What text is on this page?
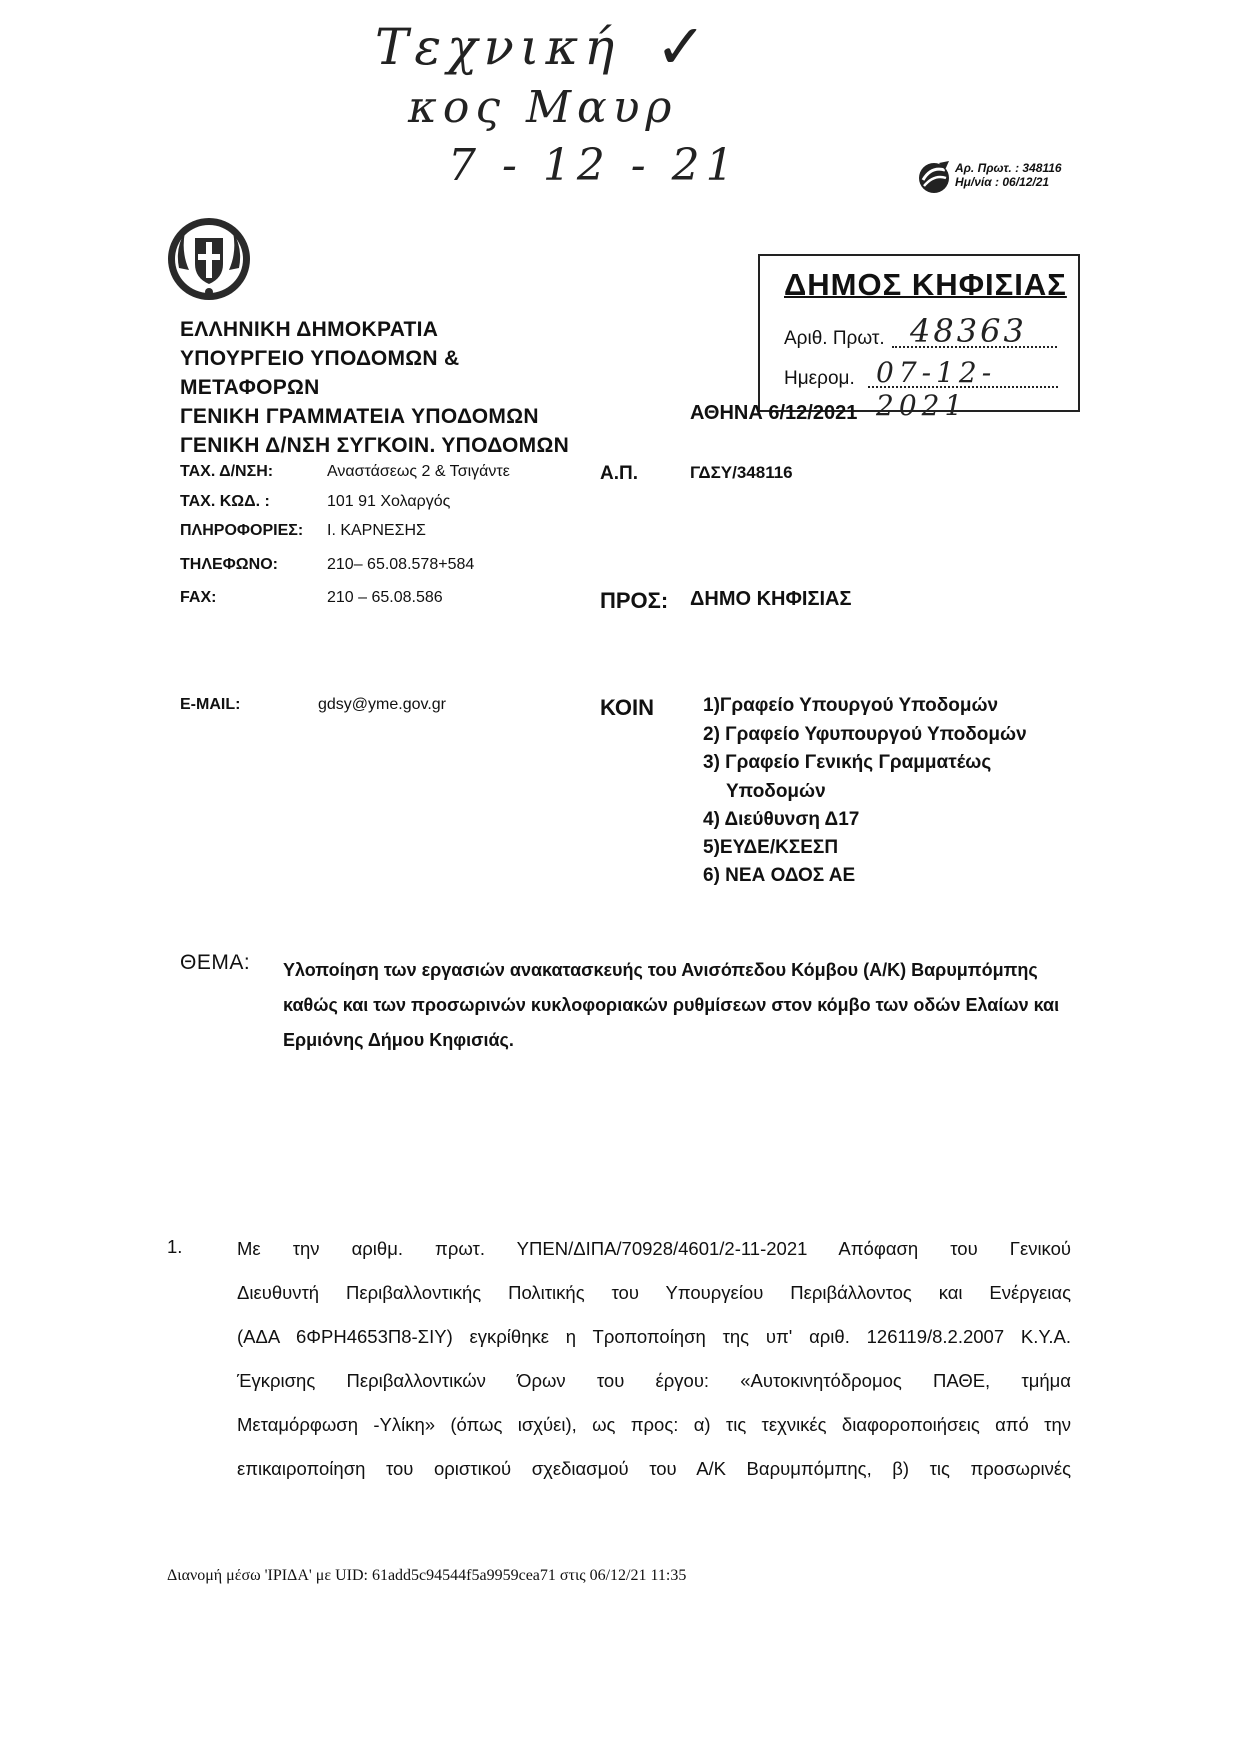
Τεχνική ✓
κος Μαυρ
7 - 12 - 21	Αρ. Πρωτ. : 348116
Ημ/νία : 06/12/21
ΕΛΛΗΝΙΚΗ ΔΗΜΟΚΡΑΤΙΑ
ΥΠΟΥΡΓΕΙΟ ΥΠΟΔΟΜΩΝ &
ΜΕΤΑΦΟΡΩΝ
ΓΕΝΙΚΗ ΓΡΑΜΜΑΤΕΙΑ ΥΠΟΔΟΜΩΝ
ΓΕΝΙΚΗ Δ/ΝΣΗ ΣΥΓΚΟΙΝ. ΥΠΟΔΟΜΩΝ
ΔΗΜΟΣ ΚΗΦΙΣΙΑΣ
Αριθ. Πρωτ. 48363
Ημερομ. 07-12-2021
ΑΘΗΝΑ 6/12/2021
ΤΑΧ. Δ/ΝΣΗ:	Αναστάσεως 2 & Τσιγάντε
ΤΑΧ. ΚΩΔ. :	101 91 Χολαργός
ΠΛΗΡΟΦΟΡΙΕΣ: Ι. ΚΑΡΝΕΣΗΣ
ΤΗΛΕΦΩΝΟ:	210– 65.08.578+584
FAX:	210 – 65.08.586
E-MAIL:	gdsy@yme.gov.gr
Α.Π.	ΓΔΣΥ/348116
ΠΡΟΣ: ΔΗΜΟ ΚΗΦΙΣΙΑΣ
ΚΟΙΝ	1)Γραφείο Υπουργού Υποδομών
2) Γραφείο Υφυπουργού Υποδομών
3) Γραφείο Γενικής Γραμματέως
Υποδομών
4) Διεύθυνση Δ17
5)ΕΥΔΕ/ΚΣΕΣΠ
6) ΝΕΑ ΟΔΟΣ ΑΕ
ΘΕΜΑ: Υλοποίηση των εργασιών ανακατασκευής του Ανισόπεδου Κόμβου (Α/Κ) Βαρυμπόμπης
καθώς και των προσωρινών κυκλοφοριακών ρυθμίσεων στον κόμβο των οδών Ελαίων και
Ερμιόνης Δήμου Κηφισιάς.
1.	Με την αριθμ. πρωτ. ΥΠΕΝ/ΔΙΠΑ/70928/4601/2-11-2021 Απόφαση του Γενικού
Διευθυντή Περιβαλλοντικής Πολιτικής του Υπουργείου Περιβάλλοντος και Ενέργειας
(ΑΔΑ 6ΦΡΗ4653Π8-ΣΙΥ) εγκρίθηκε η Τροποποίηση της υπ' αριθ. 126119/8.2.2007 Κ.Υ.Α.
Έγκρισης Περιβαλλοντικών Όρων του έργου: «Αυτοκινητόδρομος ΠΑΘΕ, τμήμα
Μεταμόρφωση -Υλίκη» (όπως ισχύει), ως προς: α) τις τεχνικές διαφοροποιήσεις από την
επικαιροποίηση του οριστικού σχεδιασμού του Α/Κ Βαρυμπόμπης, β) τις προσωρινές
Διανομή μέσω 'ΙΡΙΔΑ' με UID: 61add5c94544f5a9959cea71 στις 06/12/21 11:35
